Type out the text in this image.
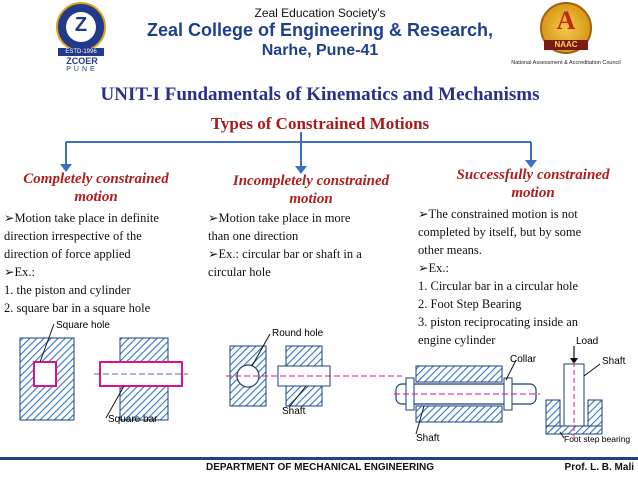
Z
ESTD-1996
ZCOER
PUNE
Zeal Education Society's
Zeal College of Engineering & Research,
Narhe, Pune-41
A
NAAC
National Assessment & Accreditation Council
UNIT-I Fundamentals of Kinematics and Mechanisms
Types of Constrained Motions
Completely constrained
motion
Incompletely constrained
motion
Successfully constrained
motion
➢Motion take place in definite
direction irrespective of the
direction of force applied
➢Ex.:
1. the piston and cylinder
2. square bar in a square hole
➢Motion take place in more
than one direction
➢Ex.: circular bar or shaft in a
circular hole
➢The constrained motion is not
completed by itself, but by some
other means.
➢Ex.:
1. Circular bar in a circular hole
2. Foot Step Bearing
3. piston reciprocating inside an
engine cylinder
Square hole
Square bar
Round hole
Shaft
Collar
Shaft
Load
Shaft
Foot step bearing
DEPARTMENT OF MECHANICAL ENGINEERING	Prof. L. B. Mali
